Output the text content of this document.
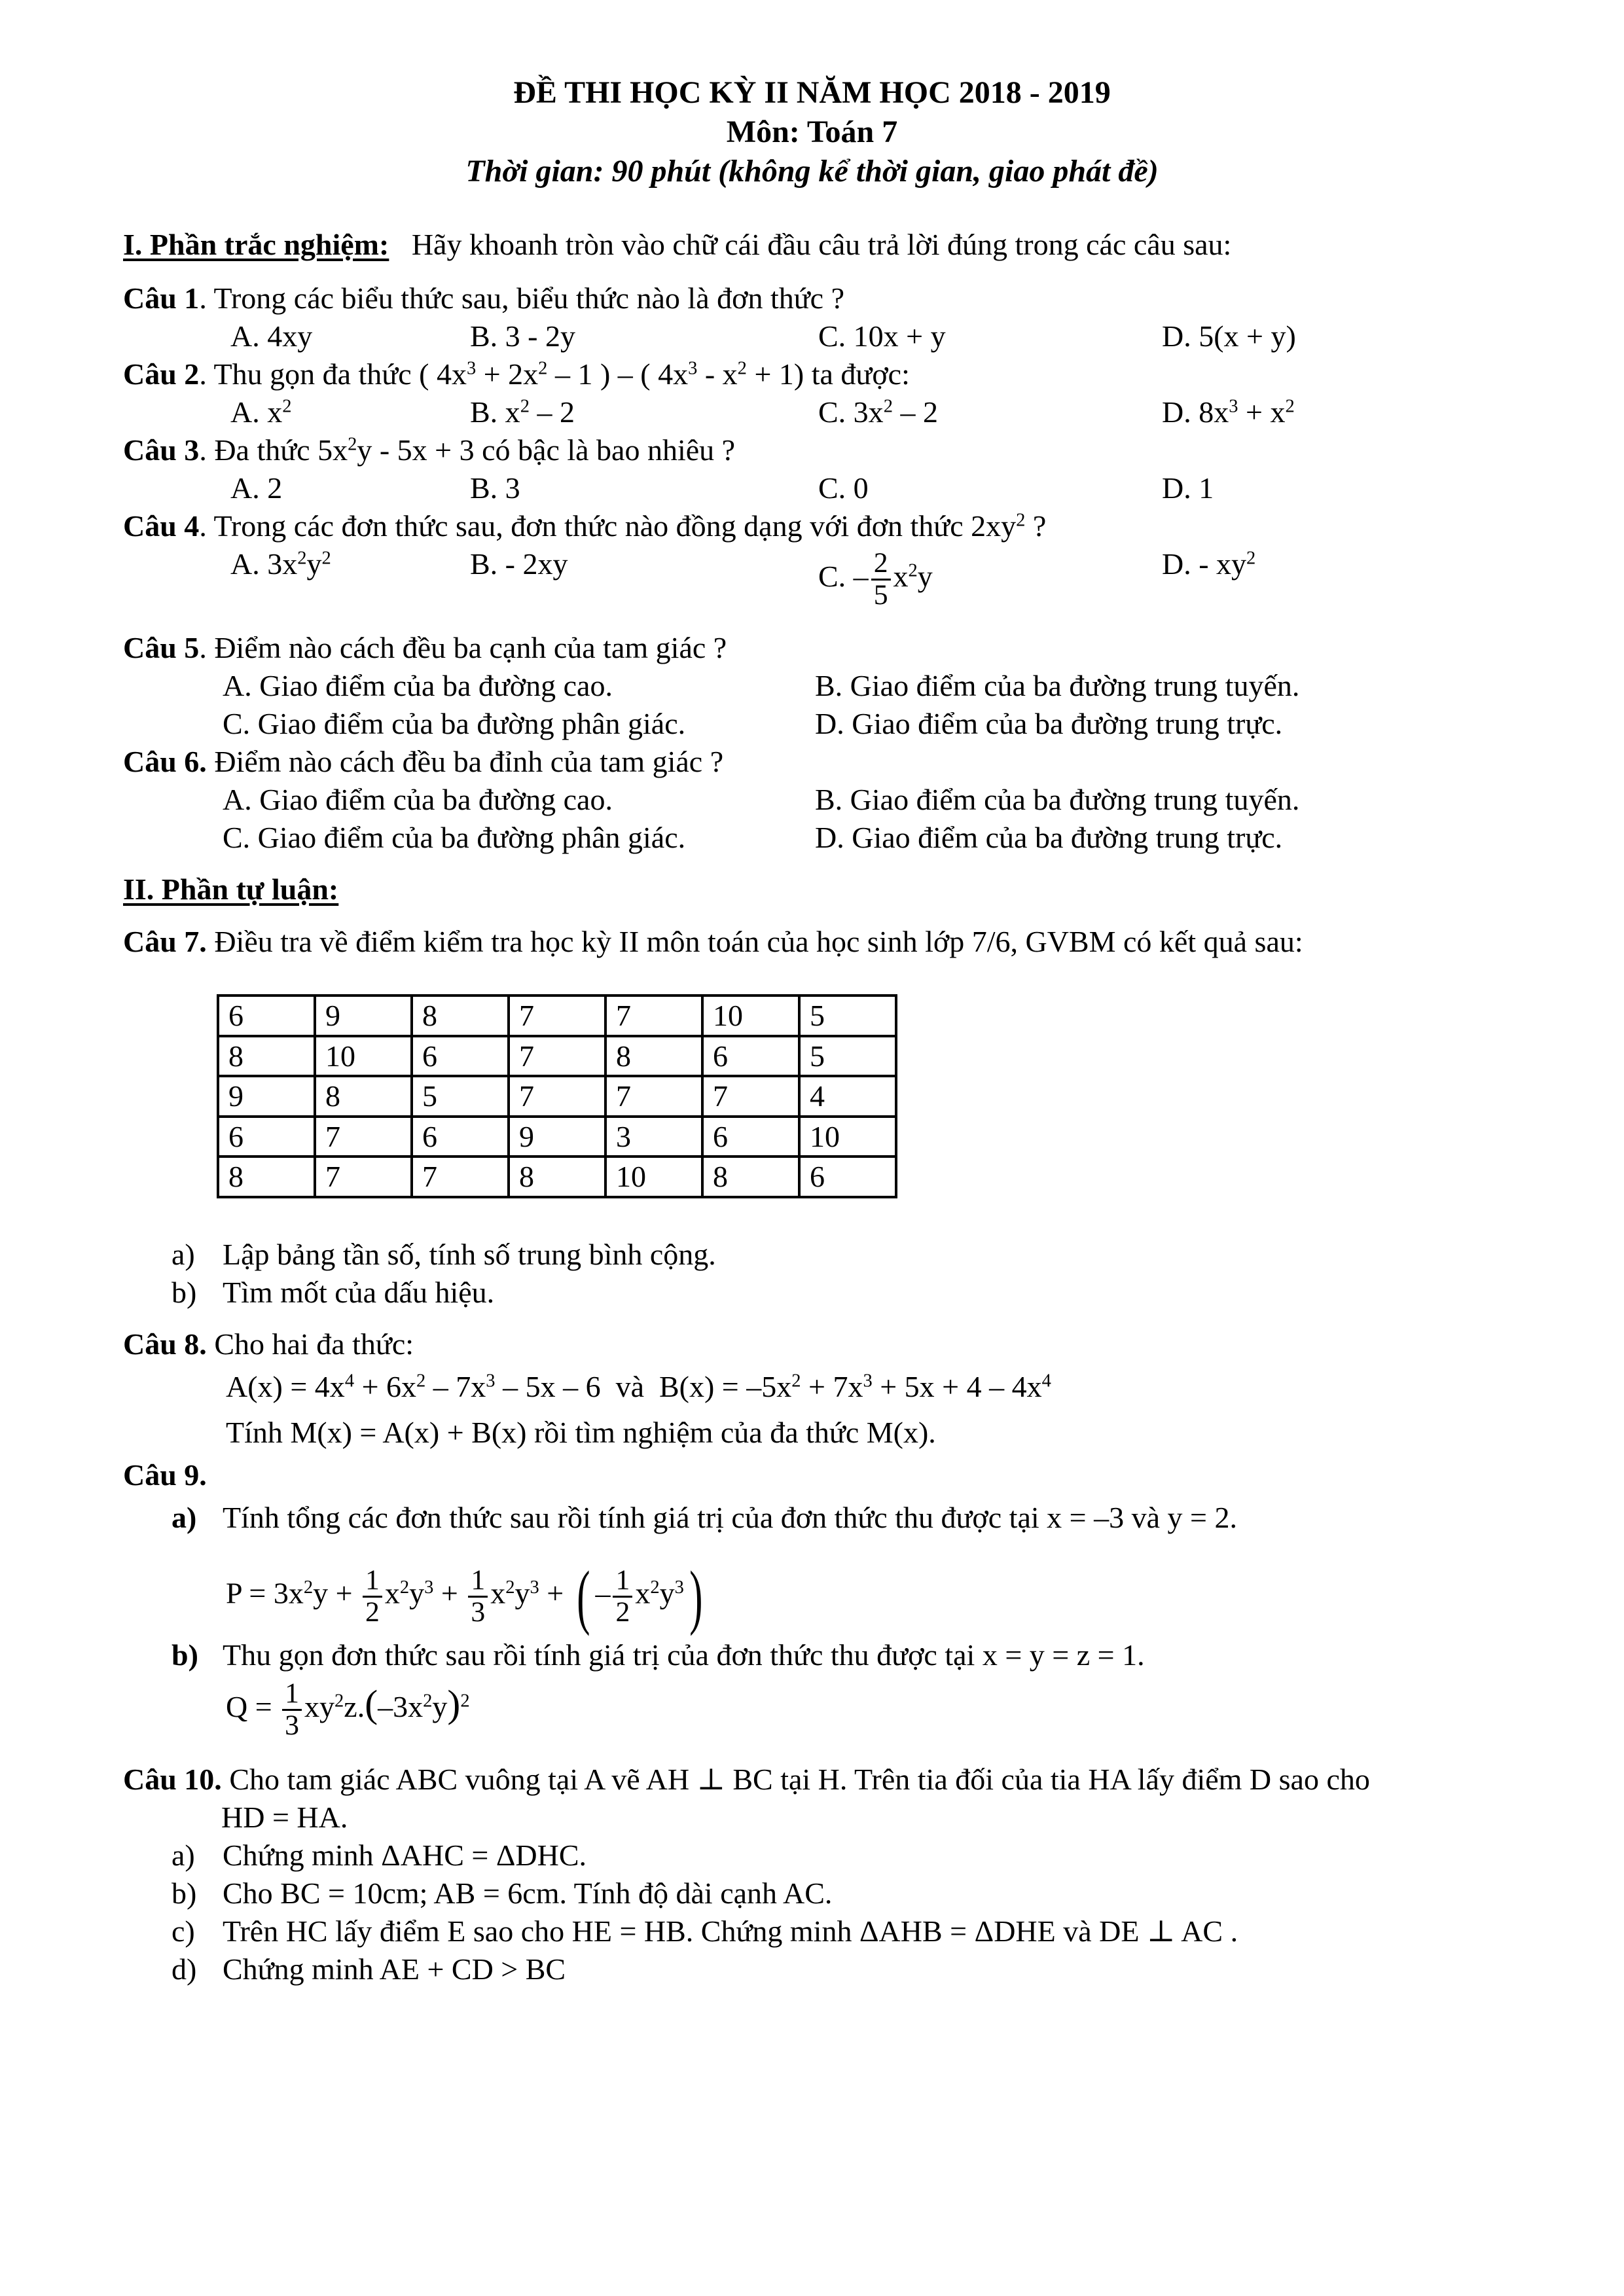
ĐỀ THI HỌC KỲ II NĂM HỌC 2018 - 2019
Môn: Toán 7
Thời gian: 90 phút (không kể thời gian, giao phát đề)
I. Phần trắc nghiệm: Hãy khoanh tròn vào chữ cái đầu câu trả lời đúng trong các câu sau:
Câu 1. Trong các biểu thức sau, biểu thức nào là đơn thức ?
A. 4xy	B. 3 - 2y	C. 10x + y	D. 5(x + y)
Câu 2. Thu gọn đa thức ( $4x^3 + 2x^2 - 1$ ) – ( $4x^3 - x^2 + 1$) ta được:
A. $x^2$	B. $x^2 - 2$	C. $3x^2 - 2$	D. $8x^3 + x^2$
Câu 3. Đa thức $5x^2y - 5x + 3$ có bậc là bao nhiêu ?
A. 2	B. 3	C. 0	D. 1
Câu 4. Trong các đơn thức sau, đơn thức nào đồng dạng với đơn thức $2xy^2$ ?
A. $3x^2y^2$	B. - 2xy	C. – $\frac{2}{5} x^2y$	D. - $xy^2$
Câu 5. Điểm nào cách đều ba cạnh của tam giác ?
A. Giao điểm của ba đường cao.	B. Giao điểm của ba đường trung tuyến.
C. Giao điểm của ba đường phân giác.	D. Giao điểm của ba đường trung trực.
Câu 6. Điểm nào cách đều ba đỉnh của tam giác ?
A. Giao điểm của ba đường cao.	B. Giao điểm của ba đường trung tuyến.
C. Giao điểm của ba đường phân giác.	D. Giao điểm của ba đường trung trực.
II. Phần tự luận:
Câu 7. Điều tra về điểm kiểm tra học kỳ II môn toán của học sinh lớp 7/6, GVBM có kết quả sau:
6	9	8	7	7	10	5
8	10	6	7	8	6	5
9	8	5	7	7	7	4
6	7	6	9	3	6	10
8	7	7	8	10	8	6
a) Lập bảng tần số, tính số trung bình cộng.
b) Tìm mốt của dấu hiệu.
Câu 8. Cho hai đa thức:
$A(x) = 4x^4 + 6x^2 - 7x^3 - 5x - 6$  và  $B(x) = -5x^2 + 7x^3 + 5x + 4 - 4x^4$
Tính M(x) = A(x) + B(x) rồi tìm nghiệm của đa thức M(x).
Câu 9.
a) Tính tổng các đơn thức sau rồi tính giá trị của đơn thức thu được tại x = –3 và y = 2.
$P = 3x^2y + \frac{1}{2} x^2y^3 + \frac{1}{3} x^2y^3$ + ( – $\frac{1}{2} x^2y^3$)
b) Thu gọn đơn thức sau rồi tính giá trị của đơn thức thu được tại x = y = z = 1.
$Q = \frac{1}{3} xy^2z.(-3x^2y)^2$
Câu 10. Cho tam giác ABC vuông tại A vẽ AH ⊥ BC tại H. Trên tia đối của tia HA lấy điểm D sao cho
HD = HA.
a) Chứng minh ΔAHC = ΔDHC.
b) Cho BC = 10cm; AB = 6cm. Tính độ dài cạnh AC.
c) Trên HC lấy điểm E sao cho HE = HB. Chứng minh ΔAHB = ΔDHE và DE ⊥ AC .
d) Chứng minh AE + CD > BC
